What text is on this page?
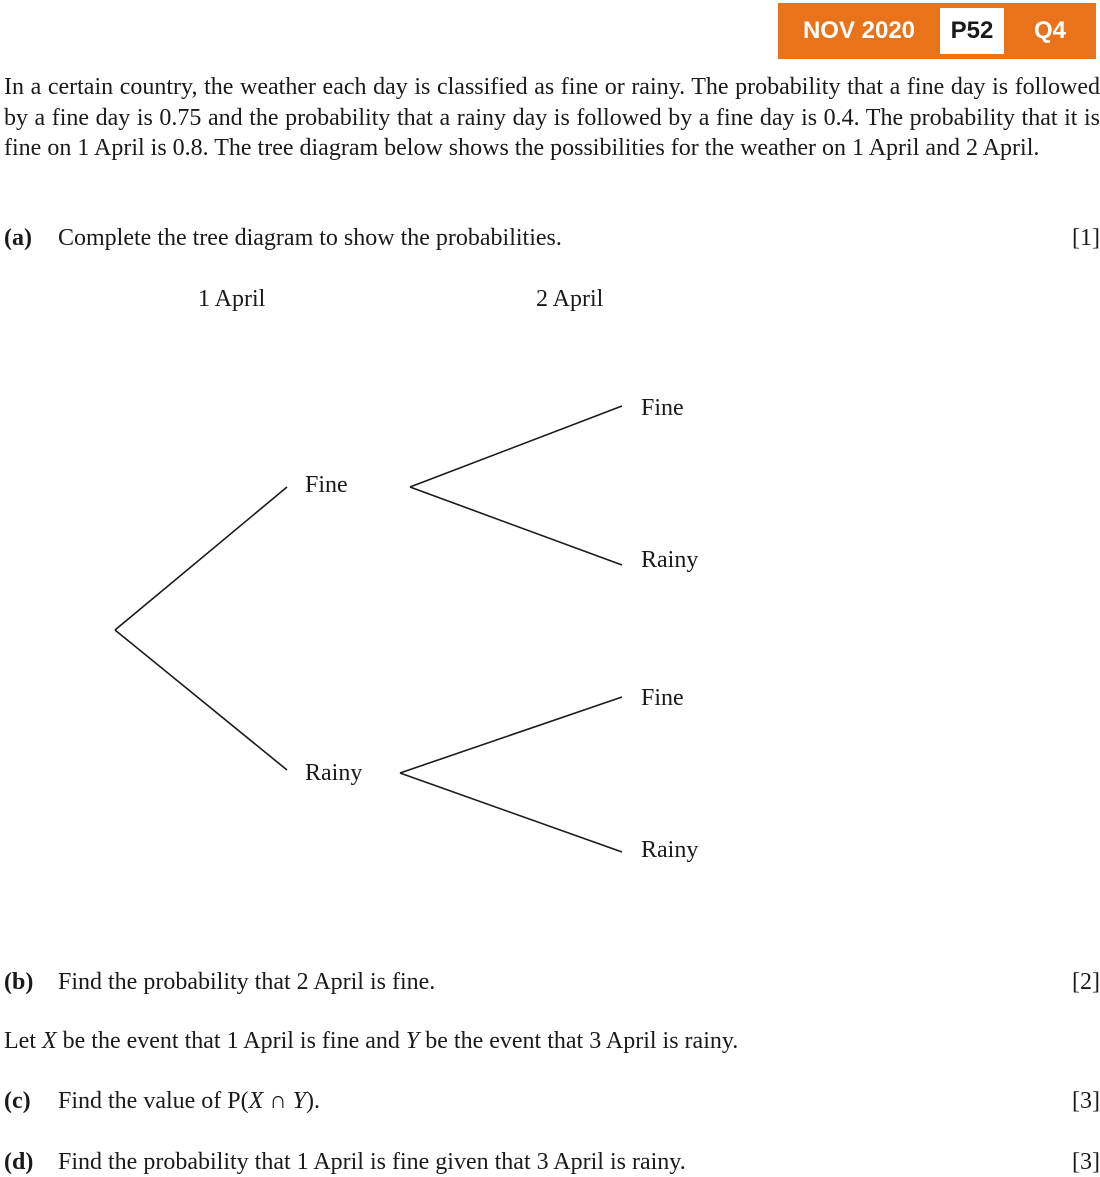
NOV 2020	P52	Q4
In a certain country, the weather each day is classified as fine or rainy. The probability that a fine day is followed by a fine day is 0.75 and the probability that a rainy day is followed by a fine day is 0.4. The probability that it is fine on 1 April is 0.8. The tree diagram below shows the possibilities for the weather on 1 April and 2 April.
(a) Complete the tree diagram to show the probabilities.	[1]
1 April	2 April
Fine
Rainy
Fine
Rainy
Fine
Rainy
(b) Find the probability that 2 April is fine.	[2]
Let X be the event that 1 April is fine and Y be the event that 3 April is rainy.
(c) Find the value of P(X ∩ Y).	[3]
(d) Find the probability that 1 April is fine given that 3 April is rainy.	[3]
